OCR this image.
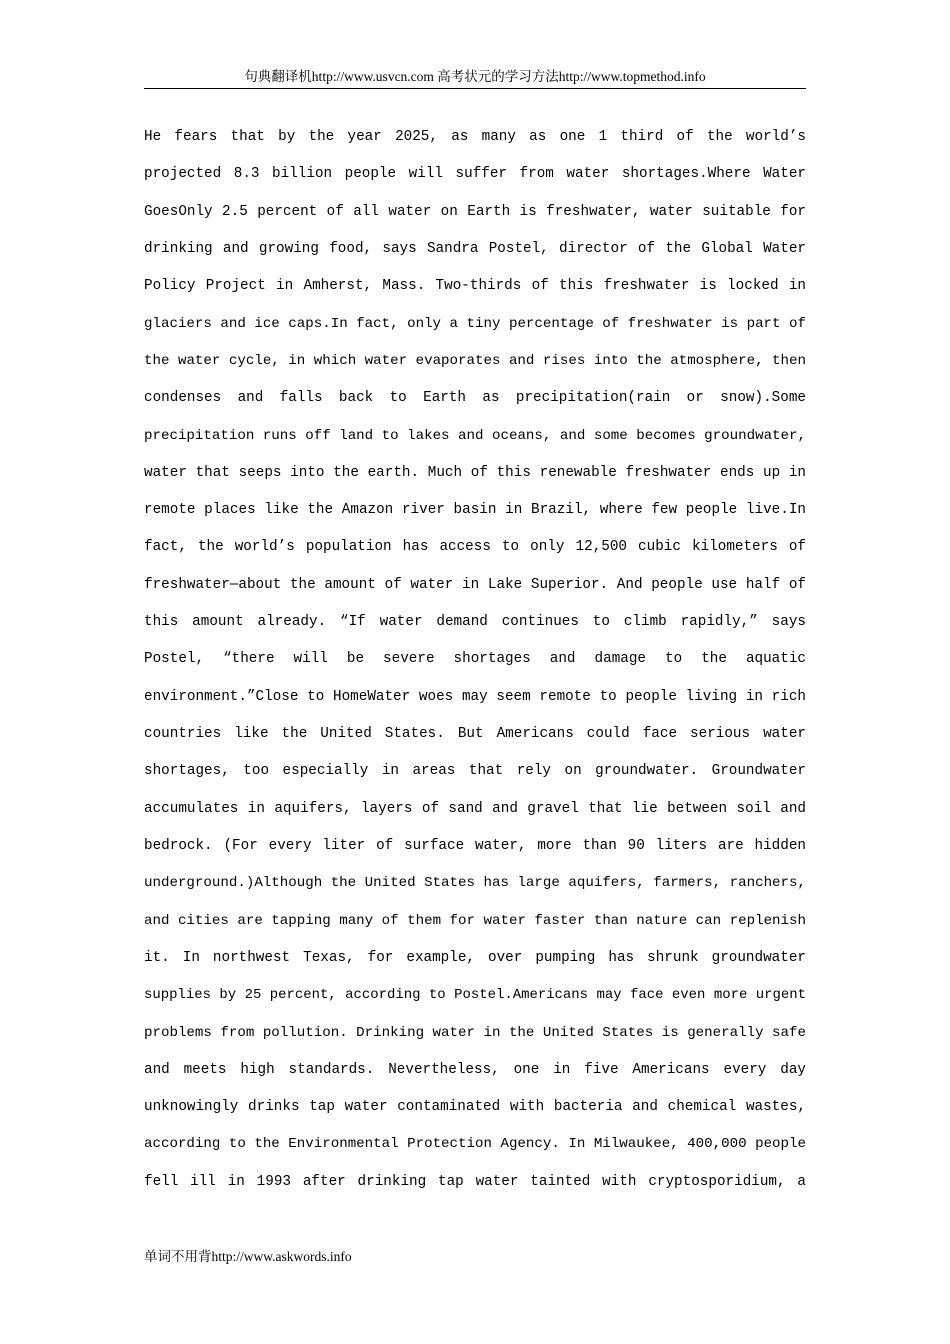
句典翻译机http://www.usvcn.com 高考状元的学习方法http://www.topmethod.info
He fears that by the year 2025, as many as one 1 third of the world’s
projected 8.3 billion people will suffer from water shortages.Where Water
GoesOnly 2.5 percent of all water on Earth is freshwater, water suitable for
drinking and growing food, says Sandra Postel, director of the Global Water
Policy Project in Amherst, Mass. Two-thirds of this freshwater is locked in
glaciers and ice caps.In fact, only a tiny percentage of freshwater is part of
the water cycle, in which water evaporates and rises into the atmosphere, then
condenses and falls back to Earth as precipitation(rain or snow).Some
precipitation runs off land to lakes and oceans, and some becomes groundwater,
water that seeps into the earth. Much of this renewable freshwater ends up in
remote places like the Amazon river basin in Brazil, where few people live.In
fact, the world’s population has access to only 12,500 cubic kilometers of
freshwater—about the amount of water in Lake Superior. And people use half of
this amount already. “If water demand continues to climb rapidly,” says
Postel, “there will be severe shortages and damage to the aquatic
environment.”Close to HomeWater woes may seem remote to people living in rich
countries like the United States. But Americans could face serious water
shortages, too especially in areas that rely on groundwater. Groundwater
accumulates in aquifers, layers of sand and gravel that lie between soil and
bedrock. (For every liter of surface water, more than 90 liters are hidden
underground.)Although the United States has large aquifers, farmers, ranchers,
and cities are tapping many of them for water faster than nature can replenish
it. In northwest Texas, for example, over pumping has shrunk groundwater
supplies by 25 percent, according to Postel.Americans may face even more urgent
problems from pollution. Drinking water in the United States is generally safe
and meets high standards. Nevertheless, one in five Americans every day
unknowingly drinks tap water contaminated with bacteria and chemical wastes,
according to the Environmental Protection Agency. In Milwaukee, 400,000 people
fell ill in 1993 after drinking tap water tainted with cryptosporidium, a
单词不用背http://www.askwords.info
